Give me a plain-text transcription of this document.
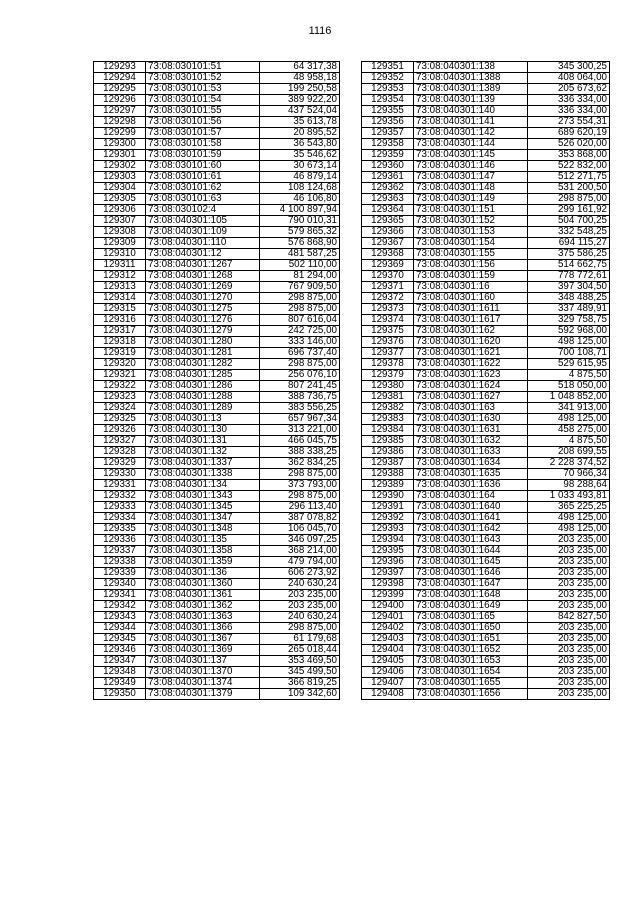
1116
129293	73:08:030101:51	64 317,38
129294	73:08:030101:52	48 958,18
129295	73:08:030101:53	199 250,58
129296	73:08:030101:54	389 922,20
129297	73:08:030101:55	437 524,04
129298	73:08:030101:56	35 613,78
129299	73:08:030101:57	20 895,52
129300	73:08:030101:58	36 543,80
129301	73:08:030101:59	35 546,62
129302	73:08:030101:60	30 673,14
129303	73:08:030101:61	46 879,14
129304	73:08:030101:62	108 124,68
129305	73:08:030101:63	46 106,80
129306	73:08:030102:4	4 100 897,94
129307	73:08:040301:105	790 010,31
129308	73:08:040301:109	579 865,32
129309	73:08:040301:110	576 868,90
129310	73:08:040301:12	481 587,25
129311	73:08:040301:1267	502 110,00
129312	73:08:040301:1268	81 294,00
129313	73:08:040301:1269	767 909,50
129314	73:08:040301:1270	298 875,00
129315	73:08:040301:1275	298 875,00
129316	73:08:040301:1276	807 616,04
129317	73:08:040301:1279	242 725,00
129318	73:08:040301:1280	333 146,00
129319	73:08:040301:1281	696 737,40
129320	73:08:040301:1282	298 875,00
129321	73:08:040301:1285	256 076,10
129322	73:08:040301:1286	807 241,45
129323	73:08:040301:1288	388 736,75
129324	73:08:040301:1289	383 556,25
129325	73:08:040301:13	657 967,34
129326	73:08:040301:130	313 221,00
129327	73:08:040301:131	466 045,75
129328	73:08:040301:132	388 338,25
129329	73:08:040301:1337	362 834,25
129330	73:08:040301:1338	298 875,00
129331	73:08:040301:134	373 793,00
129332	73:08:040301:1343	298 875,00
129333	73:08:040301:1345	296 113,40
129334	73:08:040301:1347	387 078,82
129335	73:08:040301:1348	106 045,70
129336	73:08:040301:135	346 097,25
129337	73:08:040301:1358	368 214,00
129338	73:08:040301:1359	479 794,00
129339	73:08:040301:136	606 273,92
129340	73:08:040301:1360	240 630,24
129341	73:08:040301:1361	203 235,00
129342	73:08:040301:1362	203 235,00
129343	73:08:040301:1363	240 630,24
129344	73:08:040301:1366	298 875,00
129345	73:08:040301:1367	61 179,68
129346	73:08:040301:1369	265 018,44
129347	73:08:040301:137	353 469,50
129348	73:08:040301:1370	345 499,50
129349	73:08:040301:1374	366 819,25
129350	73:08:040301:1379	109 342,60
129351	73:08:040301:138	345 300,25
129352	73:08:040301:1388	408 064,00
129353	73:08:040301:1389	205 673,62
129354	73:08:040301:139	336 334,00
129355	73:08:040301:140	336 334,00
129356	73:08:040301:141	273 554,31
129357	73:08:040301:142	689 620,19
129358	73:08:040301:144	526 020,00
129359	73:08:040301:145	353 868,00
129360	73:08:040301:146	522 832,00
129361	73:08:040301:147	512 271,75
129362	73:08:040301:148	531 200,50
129363	73:08:040301:149	298 875,00
129364	73:08:040301:151	299 161,92
129365	73:08:040301:152	504 700,25
129366	73:08:040301:153	332 548,25
129367	73:08:040301:154	694 115,27
129368	73:08:040301:155	375 586,25
129369	73:08:040301:156	514 662,75
129370	73:08:040301:159	778 772,61
129371	73:08:040301:16	397 304,50
129372	73:08:040301:160	348 488,25
129373	73:08:040301:1611	337 489,91
129374	73:08:040301:1617	329 758,75
129375	73:08:040301:162	592 968,00
129376	73:08:040301:1620	498 125,00
129377	73:08:040301:1621	700 108,71
129378	73:08:040301:1622	529 615,95
129379	73:08:040301:1623	4 875,50
129380	73:08:040301:1624	518 050,00
129381	73:08:040301:1627	1 048 852,00
129382	73:08:040301:163	341 913,00
129383	73:08:040301:1630	498 125,00
129384	73:08:040301:1631	458 275,00
129385	73:08:040301:1632	4 875,50
129386	73:08:040301:1633	208 699,55
129387	73:08:040301:1634	2 228 374,52
129388	73:08:040301:1635	70 966,34
129389	73:08:040301:1636	98 288,64
129390	73:08:040301:164	1 033 493,81
129391	73:08:040301:1640	365 225,25
129392	73:08:040301:1641	498 125,00
129393	73:08:040301:1642	498 125,00
129394	73:08:040301:1643	203 235,00
129395	73:08:040301:1644	203 235,00
129396	73:08:040301:1645	203 235,00
129397	73:08:040301:1646	203 235,00
129398	73:08:040301:1647	203 235,00
129399	73:08:040301:1648	203 235,00
129400	73:08:040301:1649	203 235,00
129401	73:08:040301:165	842 827,50
129402	73:08:040301:1650	203 235,00
129403	73:08:040301:1651	203 235,00
129404	73:08:040301:1652	203 235,00
129405	73:08:040301:1653	203 235,00
129406	73:08:040301:1654	203 235,00
129407	73:08:040301:1655	203 235,00
129408	73:08:040301:1656	203 235,00
